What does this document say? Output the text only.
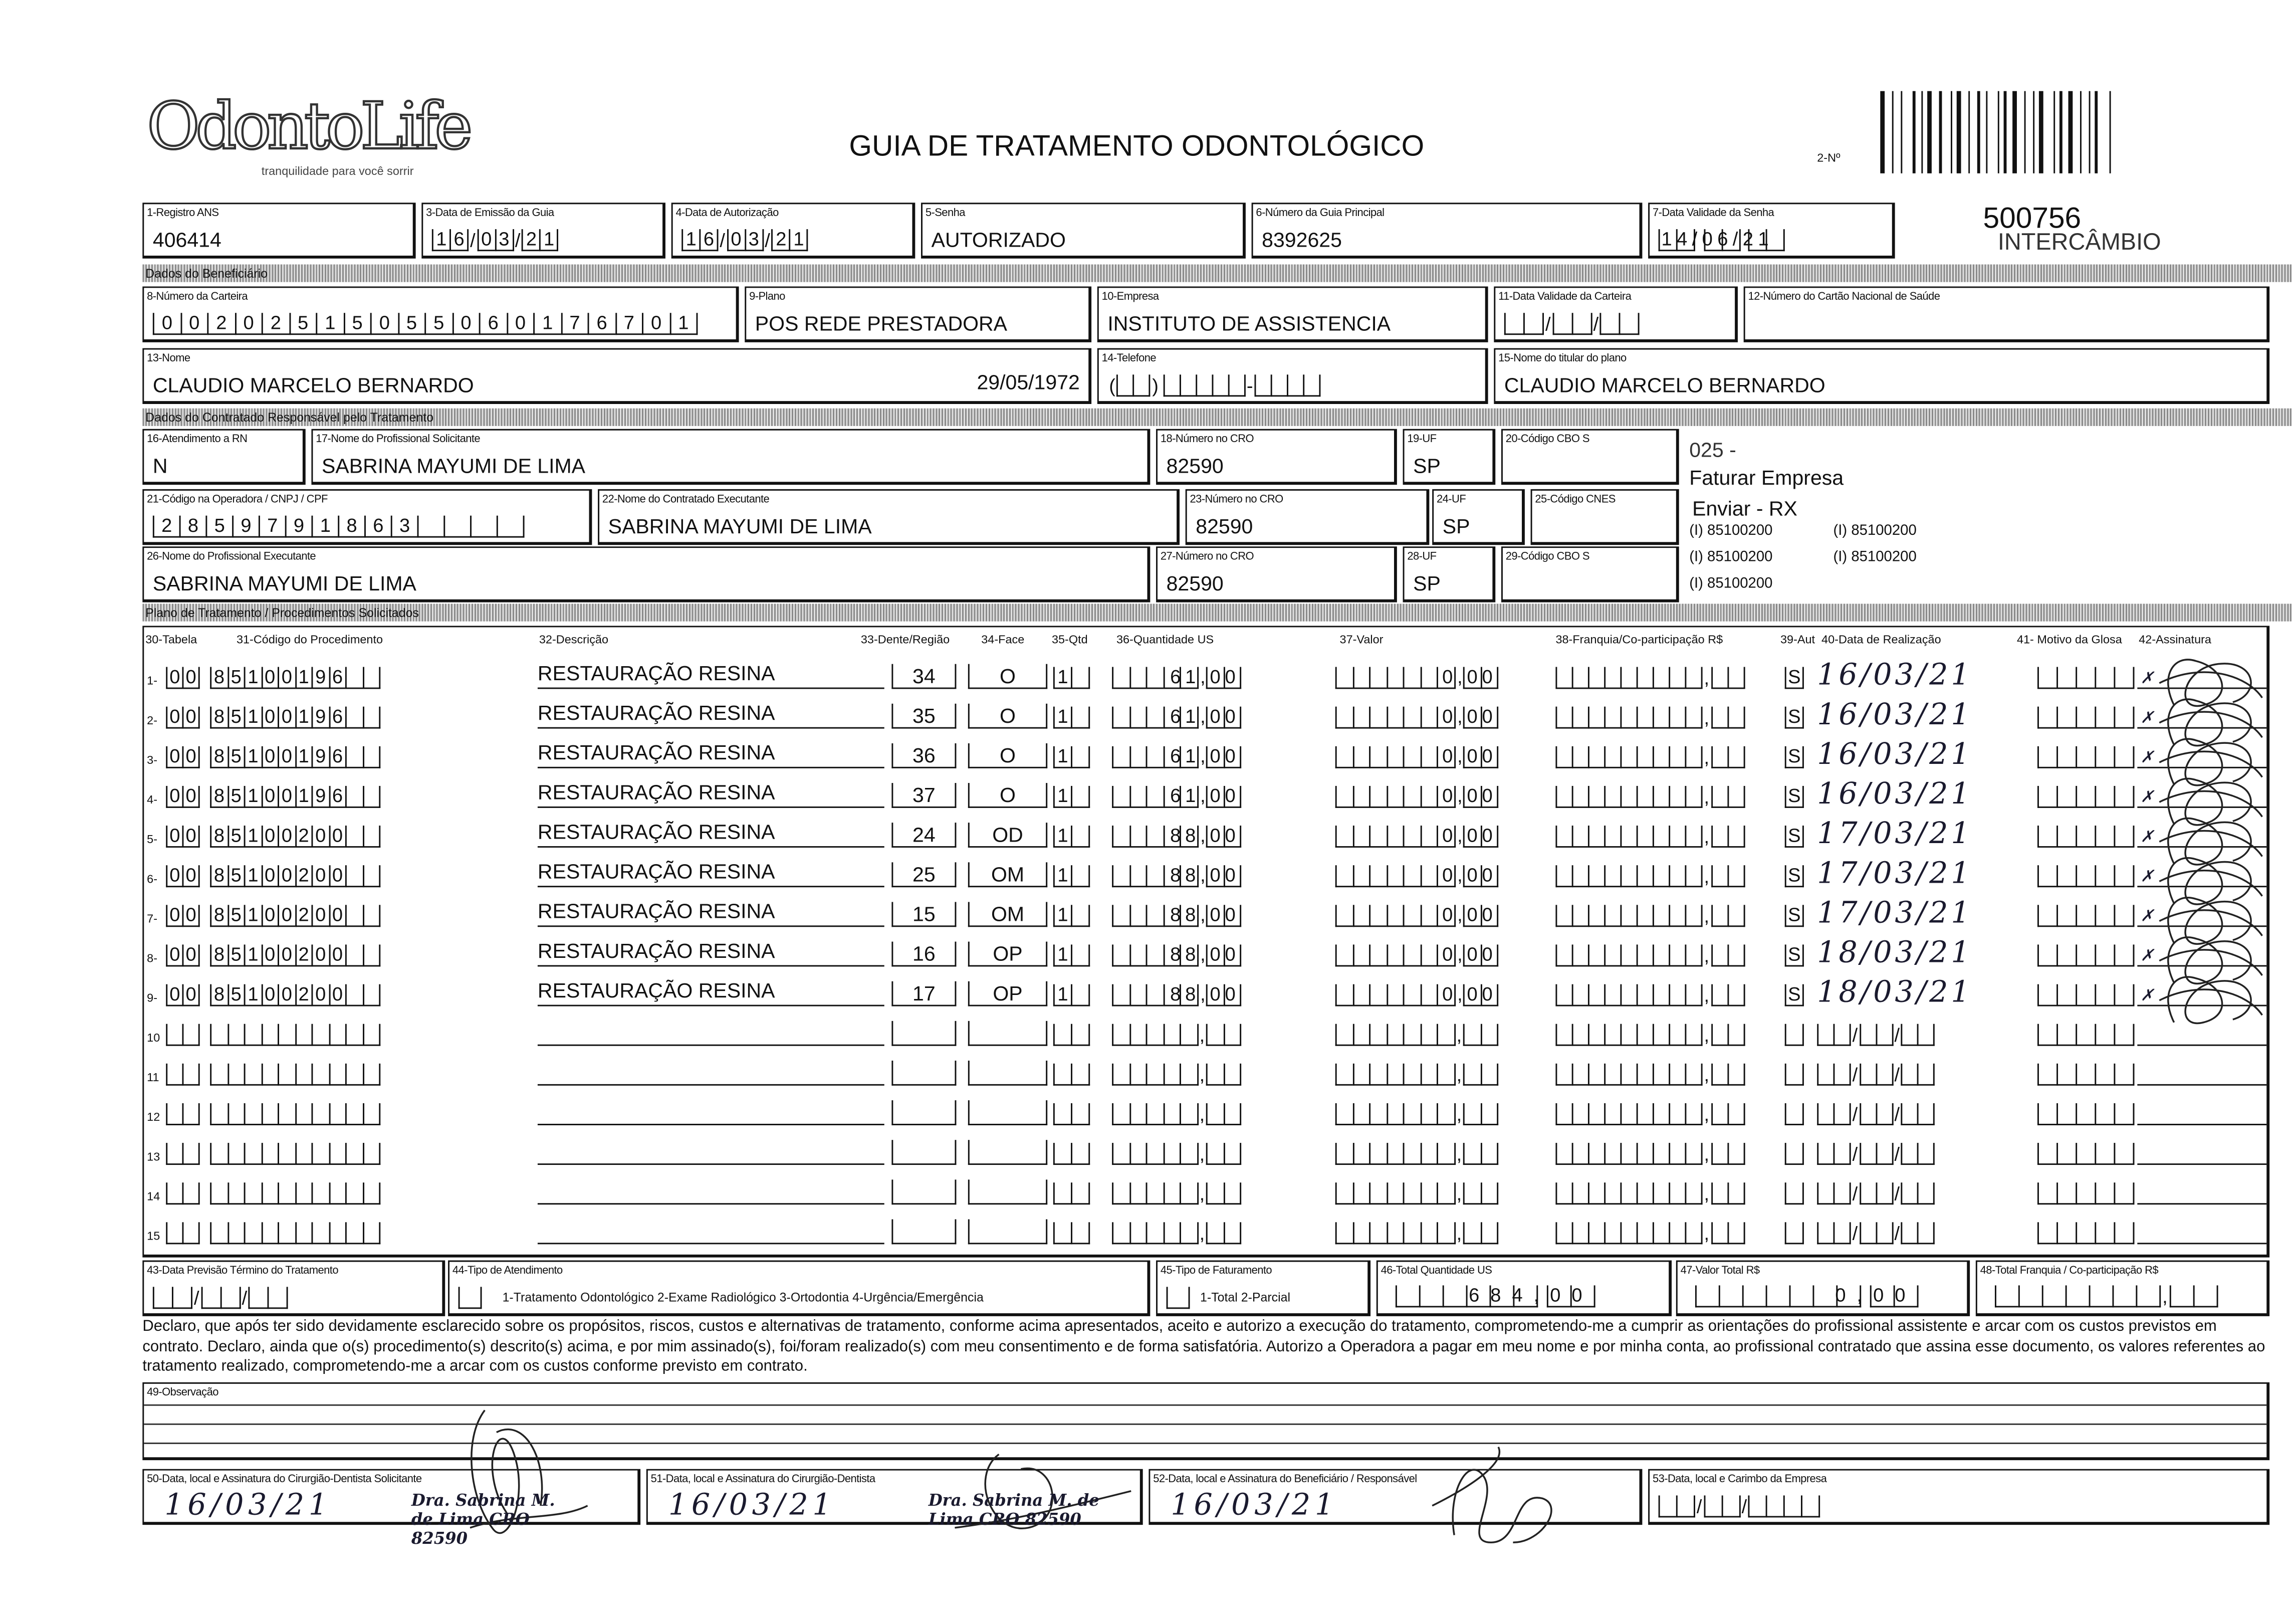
OdontoLife
tranquilidade para você sorrir
GUIA DE TRATAMENTO ODONTOLÓGICO	2-Nº
500756
INTERCÂMBIO
Dados do Beneficiário
Dados do Contratado Responsável pelo Tratamento
Plano de Tratamento / Procedimentos Solicitados
1-Registro ANS
406414
3-Data de Emissão da Guia
1	6 / 0	3 / 2	1
4-Data de Autorização
1	6 / 0	3 / 2	1
5-Senha
AUTORIZADO
6-Número da Guia Principal
8392625
7-Data Validade da Senha
14/06/21
8-Número da Carteira
0	0	2	0	2	5	1	5	0	5	5	0	6	0	1	7	6	7	0	1
9-Plano
POS REDE PRESTADORA
10-Empresa
INSTITUTO DE ASSISTENCIA
11-Data Validade da Carteira
/	/
12-Número do Cartão Nacional de Saúde
13-Nome
CLAUDIO MARCELO BERNARDO
14-Telefone
(	)	-
15-Nome do titular do plano
CLAUDIO MARCELO BERNARDO
16-Atendimento a RN
N
17-Nome do Profissional Solicitante
SABRINA MAYUMI DE LIMA
18-Número no CRO
82590
19-UF
SP
20-Código CBO S
21-Código na Operadora / CNPJ / CPF
2	8	5	9	7	9	1	8	6	3
22-Nome do Contratado Executante
SABRINA MAYUMI DE LIMA
23-Número no CRO
82590
24-UF
SP
25-Código CNES
26-Nome do Profissional Executante
SABRINA MAYUMI DE LIMA
27-Número no CRO
82590
28-UF
SP
29-Código CBO S
43-Data Previsão Término do Tratamento
/	/
44-Tipo de Atendimento	45-Tipo de Faturamento	46-Total Quantidade US
684,00
47-Valor Total R$
0,00
48-Total Franquia / Co-participação R$
,
49-Observação
50-Data, local e Assinatura do Cirurgião-Dentista Solicitante
16/03/21
51-Data, local e Assinatura do Cirurgião-Dentista
16/03/21
52-Data, local e Assinatura do Beneficiário / Responsável
16/03/21
53-Data, local e Carimbo da Empresa
/	/
29/05/1972
1-Tratamento Odontológico 2-Exame Radiológico 3-Ortodontia 4-Urgência/Emergência	1-Total 2-Parcial
025 -
Faturar Empresa
Enviar - RX
(I) 85100200	(I) 85100200
(I) 85100200	(I) 85100200
(I) 85100200
30-Tabela	31-Código do Procedimento	32-Descrição	33-Dente/Região	34-Face	35-Qtd	36-Quantidade US	37-Valor	38-Franquia/Co-participação R$	39-Aut 40-Data de Realização	41- Motivo da Glosa	42-Assinatura
1-	0 0	8 5 1 0 0 1 9 6	RESTAURAÇÃO RESINA	34	O	1	61,00	0,00	,	S	16/03/21	✗
2-	0 0	8 5 1 0 0 1 9 6	RESTAURAÇÃO RESINA	35	O	1	61,00	0,00	,	S	16/03/21	✗
3-	0 0	8 5 1 0 0 1 9 6	RESTAURAÇÃO RESINA	36	O	1	61,00	0,00	,	S	16/03/21	✗
4-	0 0	8 5 1 0 0 1 9 6	RESTAURAÇÃO RESINA	37	O	1	61,00	0,00	,	S	16/03/21	✗
5-	0 0	8 5 1 0 0 2 0 0	RESTAURAÇÃO RESINA	24	OD	1	88,00	0,00	,	S	17/03/21	✗
6-	0 0	8 5 1 0 0 2 0 0	RESTAURAÇÃO RESINA	25	OM	1	88,00	0,00	,	S	17/03/21	✗
7-	0 0	8 5 1 0 0 2 0 0	RESTAURAÇÃO RESINA	15	OM	1	88,00	0,00	,	S	17/03/21	✗
8-	0 0	8 5 1 0 0 2 0 0	RESTAURAÇÃO RESINA	16	OP	1	88,00	0,00	,	S	18/03/21	✗
9-	0 0	8 5 1 0 0 2 0 0	RESTAURAÇÃO RESINA	17	OP	1	88,00	0,00	,	S	18/03/21	✗
10	,	,	,	/	/
11	,	,	,	/	/
12	,	,	,	/	/
13	,	,	,	/	/
14	,	,	,	/	/
15	,	,	,	/	/
Declaro, que após ter sido devidamente esclarecido sobre os propósitos, riscos, custos e alternativas de tratamento, conforme acima apresentados, aceito e autorizo a execução do tratamento, comprometendo-me a cumprir as orientações do profissional assistente e arcar com os custos previstos em contrato. Declaro, ainda que o(s) procedimento(s) descrito(s) acima, e por mim assinado(s), foi/foram realizado(s) com meu consentimento e de forma satisfatória. Autorizo a Operadora a pagar em meu nome e por minha conta, ao profissional contratado que assina esse documento, os valores referentes ao tratamento realizado, comprometendo-me a arcar com os custos conforme previsto em contrato.
Dra. Sabrina M. de Lima CRO 82590
Dra. Sabrina M. de Lima CRO 82590
